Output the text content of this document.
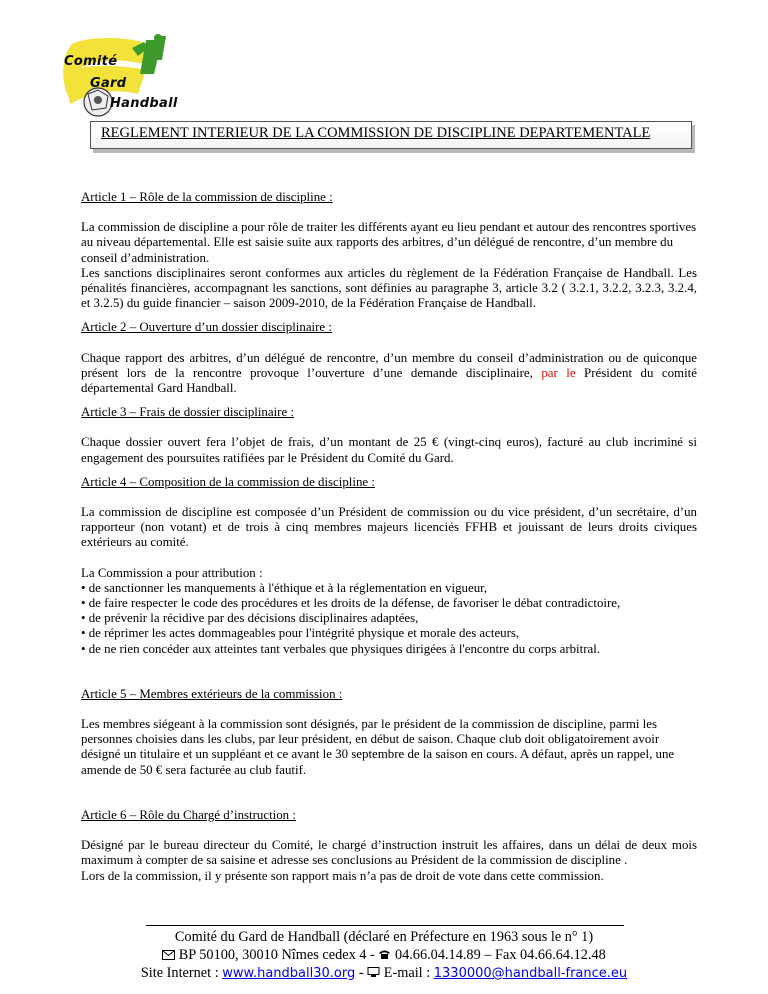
Comité
Gard
Handball
REGLEMENT INTERIEUR DE LA COMMISSION DE DISCIPLINE DEPARTEMENTALE

Article 1 – Rôle de la commission de discipline :

La commission de discipline a pour rôle de traiter les différents ayant eu lieu pendant et autour des rencontres sportives au niveau départemental. Elle est saisie suite aux rapports des arbitres, d’un délégué de rencontre, d’un membre du conseil d’administration.

Les sanctions disciplinaires seront conformes aux articles du règlement de la Fédération Française de Handball. Les pénalités financières, accompagnant les sanctions, sont définies au paragraphe 3, article 3.2 ( 3.2.1, 3.2.2, 3.2.3, 3.2.4, et 3.2.5) du guide financier – saison 2009-2010, de la Fédération Française de Handball.

Article 2 – Ouverture d’un dossier disciplinaire :

Chaque rapport des arbitres, d’un délégué de rencontre, d’un membre du conseil d’administration ou de quiconque présent lors de la rencontre provoque l’ouverture d’une demande disciplinaire, par le Président du comité départemental Gard Handball.

Article 3 – Frais de dossier disciplinaire :

Chaque dossier ouvert fera l’objet de frais, d’un montant de 25 € (vingt-cinq euros), facturé au club incriminé si engagement des poursuites ratifiées par le Président du Comité du Gard.

Article 4 – Composition de la commission de discipline :

La commission de discipline est composée d’un Président de commission ou du vice président, d’un secrétaire, d’un rapporteur (non votant) et de trois à cinq membres majeurs licenciés FFHB et jouissant de leurs droits civiques extérieurs au comité.

La Commission a pour attribution :

• de sanctionner les manquements à l'éthique et à la réglementation en vigueur,
• de faire respecter le code des procédures et les droits de la défense, de favoriser le débat contradictoire,
• de prévenir la récidive par des décisions disciplinaires adaptées,
• de réprimer les actes dommageables pour l'intégrité physique et morale des acteurs,
• de ne rien concéder aux atteintes tant verbales que physiques dirigées à l'encontre du corps arbitral.

Article 5 – Membres extérieurs de la commission :

Les membres siégeant à la commission sont désignés, par le président de la commission de discipline, parmi les personnes choisies dans les clubs, par leur président, en début de saison. Chaque club doit obligatoirement avoir désigné un titulaire et un suppléant et ce avant le 30 septembre de la saison en cours. A défaut, après un rappel, une amende de 50 € sera facturée au club fautif.

Article 6 – Rôle du Chargé d’instruction :

Désigné par le bureau directeur du Comité, le chargé d’instruction instruit les affaires, dans un délai de deux mois maximum à compter de sa saisine et adresse ses conclusions au Président de la commission de discipline .

Lors de la commission, il y présente son rapport mais n’a pas de droit de vote dans cette commission.

Comité du Gard de Handball (déclaré en Préfecture en 1963 sous le n° 1)
BP 50100, 30010 Nîmes cedex 4 - 04.66.04.14.89 – Fax 04.66.64.12.48
Site Internet : www.handball30.org - E-mail : 1330000@handball-france.eu
